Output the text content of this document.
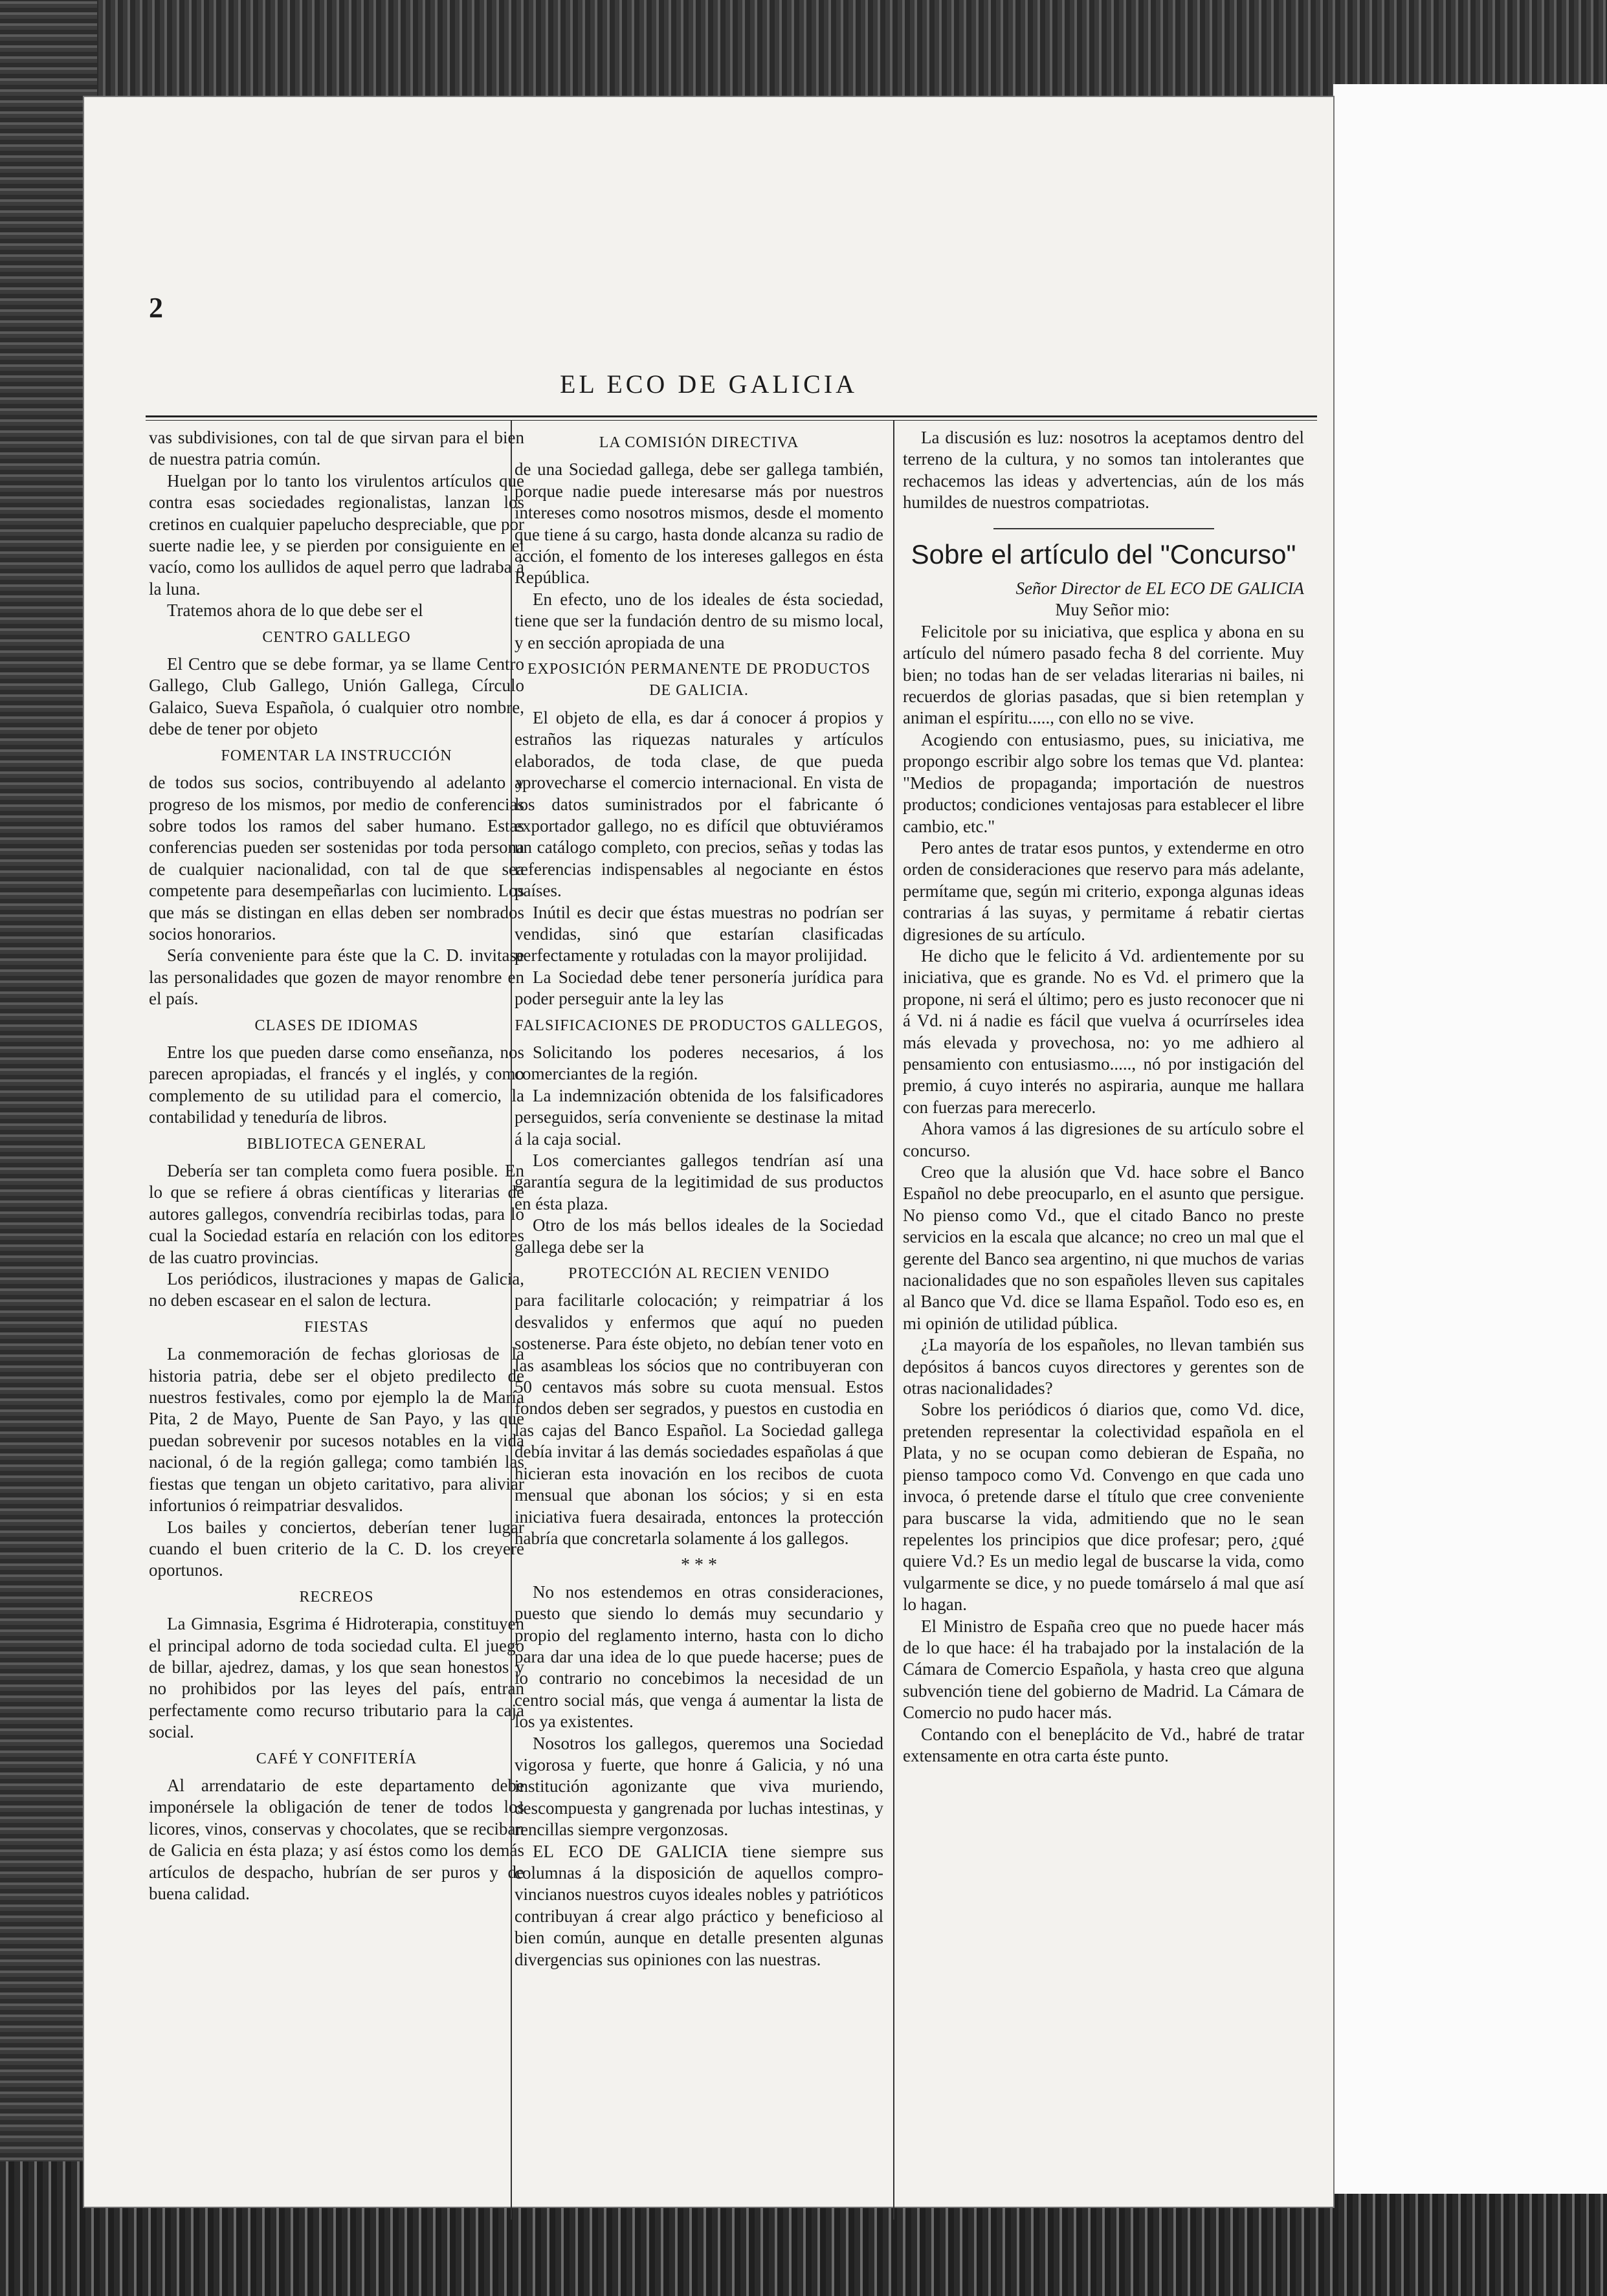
2
EL ECO DE GALICIA

vas subdivisiones, con tal de que sirvan para el bien de nuestra patria común.

Huelgan por lo tanto los virulentos artículos que contra esas sociedades regionalistas, lanzan los cretinos en cualquier papelucho despreciable, que por suerte nadie lee, y se pierden por consiguiente en el vacío, como los aullidos de aquel perro que ladraba á la luna.

Tratemos ahora de lo que debe ser el

CENTRO GALLEGO

El Centro que se debe formar, ya se llame Centro Gallego, Club Gallego, Unión Gallega, Círculo Galaico, Sueva Española, ó cualquier otro nombre, debe de tener por objeto

FOMENTAR LA INSTRUCCIÓN

de todos sus socios, contribuyendo al adelanto y progreso de los mismos, por medio de conferencias sobre todos los ramos del saber humano. Estas conferencias pueden ser sostenidas por toda persona de cualquier nacionalidad, con tal de que sea competente para desempeñarlas con lucimiento. Los que más se distingan en ellas deben ser nombrados socios honorarios.

Sería conveniente para éste que la C. D. invitase las personalidades que gozen de mayor renombre en el país.

CLASES DE IDIOMAS

Entre los que pueden darse como enseñanza, nos parecen apropiadas, el francés y el inglés, y como complemento de su utilidad para el comercio, la contabilidad y teneduría de libros.

BIBLIOTECA GENERAL

Debería ser tan completa como fuera posible. En lo que se refiere á obras científicas y literarias de autores gallegos, convendría recibirlas todas, para lo cual la Sociedad estaría en relación con los editores de las cuatro provincias.

Los periódicos, ilustraciones y mapas de Galicia, no deben escasear en el salon de lectura.

FIESTAS

La conmemoración de fechas gloriosas de la historia patria, debe ser el objeto predilecto de nuestros festivales, como por ejemplo la de María Pita, 2 de Mayo, Puente de San Payo, y las que puedan sobrevenir por sucesos notables en la vida nacional, ó de la región gallega; como también las fiestas que tengan un objeto caritativo, para aliviar infortunios ó reimpatriar desvalidos.

Los bailes y conciertos, deberían tener lugar cuando el buen criterio de la C. D. los creyere oportunos.

RECREOS

La Gimnasia, Esgrima é Hidroterapia, constituyen el principal adorno de toda sociedad culta. El juego de billar, ajedrez, damas, y los que sean honestos y no prohibidos por las leyes del país, entran perfectamente como recurso tributario para la caja social.

CAFÉ Y CONFITERÍA

Al arrendatario de este departamento debe imponérsele la obligación de tener de todos los licores, vinos, conservas y chocolates, que se reciban de Galicia en ésta plaza; y así éstos como los demás artículos de despacho, hubrían de ser puros y de buena calidad.

LA COMISIÓN DIRECTIVA

de una Sociedad gallega, debe ser gallega también, porque nadie puede interesarse más por nuestros intereses como nosotros mismos, desde el momento que tiene á su cargo, hasta donde alcanza su radio de acción, el fomento de los intereses gallegos en ésta República.

En efecto, uno de los ideales de ésta sociedad, tiene que ser la fundación dentro de su mismo local, y en sección apropiada de una

EXPOSICIÓN PERMANENTE DE PRODUCTOS DE GALICIA.

El objeto de ella, es dar á conocer á propios y estraños las riquezas naturales y artículos elaborados, de toda clase, de que pueda aprovecharse el comercio internacional. En vista de los datos suministrados por el fabricante ó exportador gallego, no es difícil que obtuviéramos un catálogo completo, con precios, señas y todas las referencias indispensables al negociante en éstos países.

Inútil es decir que éstas muestras no podrían ser vendidas, sinó que estarían clasificadas perfectamente y rotuladas con la mayor prolijidad.

La Sociedad debe tener personería jurídica para poder perseguir ante la ley las

FALSIFICACIONES DE PRODUCTOS GALLEGOS,

Solicitando los poderes necesarios, á los comerciantes de la región.

La indemnización obtenida de los falsificadores perseguidos, sería conveniente se destinase la mitad á la caja social.

Los comerciantes gallegos tendrían así una garantía segura de la legitimidad de sus productos en ésta plaza.

Otro de los más bellos ideales de la Sociedad gallega debe ser la

PROTECCIÓN AL RECIEN VENIDO

para facilitarle colocación; y reimpatriar á los desvalidos y enfermos que aquí no pueden sostenerse. Para éste objeto, no debían tener voto en las asambleas los sócios que no contribuyeran con 50 centavos más sobre su cuota mensual. Estos fondos deben ser segrados, y puestos en custodia en las cajas del Banco Español. La Sociedad gallega debía invitar á las demás sociedades españolas á que hicieran esta inovación en los recibos de cuota mensual que abonan los sócios; y si en esta iniciativa fuera desairada, entonces la protección habría que concretarla solamente á los gallegos.

* * *

No nos estendemos en otras consideraciones, puesto que siendo lo demás muy secundario y propio del reglamento interno, hasta con lo dicho para dar una idea de lo que puede hacerse; pues de lo contrario no concebimos la necesidad de un centro social más, que venga á aumentar la lista de los ya existentes.

Nosotros los gallegos, queremos una Sociedad vigorosa y fuerte, que honre á Galicia, y nó una institución agonizante que viva muriendo, descompuesta y gangrenada por luchas intestinas, y rencillas siempre vergonzosas.

EL ECO DE GALICIA tiene siempre sus columnas á la disposición de aquellos compro-vincianos nuestros cuyos ideales nobles y patrióticos contribuyan á crear algo práctico y beneficioso al bien común, aunque en detalle presenten algunas divergencias sus opiniones con las nuestras.

La discusión es luz: nosotros la aceptamos dentro del terreno de la cultura, y no somos tan intolerantes que rechacemos las ideas y advertencias, aún de los más humildes de nuestros compatriotas.

Sobre el artículo del "Concurso"

Señor Director de EL ECO DE GALICIA

Muy Señor mio:

Felicitole por su iniciativa, que esplica y abona en su artículo del número pasado fecha 8 del corriente. Muy bien; no todas han de ser veladas literarias ni bailes, ni recuerdos de glorias pasadas, que si bien retemplan y animan el espíritu....., con ello no se vive.

Acogiendo con entusiasmo, pues, su iniciativa, me propongo escribir algo sobre los temas que Vd. plantea: "Medios de propaganda; importación de nuestros productos; condiciones ventajosas para establecer el libre cambio, etc."

Pero antes de tratar esos puntos, y extenderme en otro orden de consideraciones que reservo para más adelante, permítame que, según mi criterio, exponga algunas ideas contrarias á las suyas, y permitame á rebatir ciertas digresiones de su artículo.

He dicho que le felicito á Vd. ardientemente por su iniciativa, que es grande. No es Vd. el primero que la propone, ni será el último; pero es justo reconocer que ni á Vd. ni á nadie es fácil que vuelva á ocurrírseles idea más elevada y provechosa, no: yo me adhiero al pensamiento con entusiasmo....., nó por instigación del premio, á cuyo interés no aspiraria, aunque me hallara con fuerzas para merecerlo.

Ahora vamos á las digresiones de su artículo sobre el concurso.

Creo que la alusión que Vd. hace sobre el Banco Español no debe preocuparlo, en el asunto que persigue. No pienso como Vd., que el citado Banco no preste servicios en la escala que alcance; no creo un mal que el gerente del Banco sea argentino, ni que muchos de varias nacionalidades que no son españoles lleven sus capitales al Banco que Vd. dice se llama Español. Todo eso es, en mi opinión de utilidad pública.

¿La mayoría de los españoles, no llevan también sus depósitos á bancos cuyos directores y gerentes son de otras nacionalidades?

Sobre los periódicos ó diarios que, como Vd. dice, pretenden representar la colectividad española en el Plata, y no se ocupan como debieran de España, no pienso tampoco como Vd. Convengo en que cada uno invoca, ó pretende darse el título que cree conveniente para buscarse la vida, admitiendo que no le sean repelentes los principios que dice profesar; pero, ¿qué quiere Vd.? Es un medio legal de buscarse la vida, como vulgarmente se dice, y no puede tomárselo á mal que así lo hagan.

El Ministro de España creo que no puede hacer más de lo que hace: él ha trabajado por la instalación de la Cámara de Comercio Española, y hasta creo que alguna subvención tiene del gobierno de Madrid. La Cámara de Comercio no pudo hacer más.

Contando con el beneplácito de Vd., habré de tratar extensamente en otra carta éste punto.
